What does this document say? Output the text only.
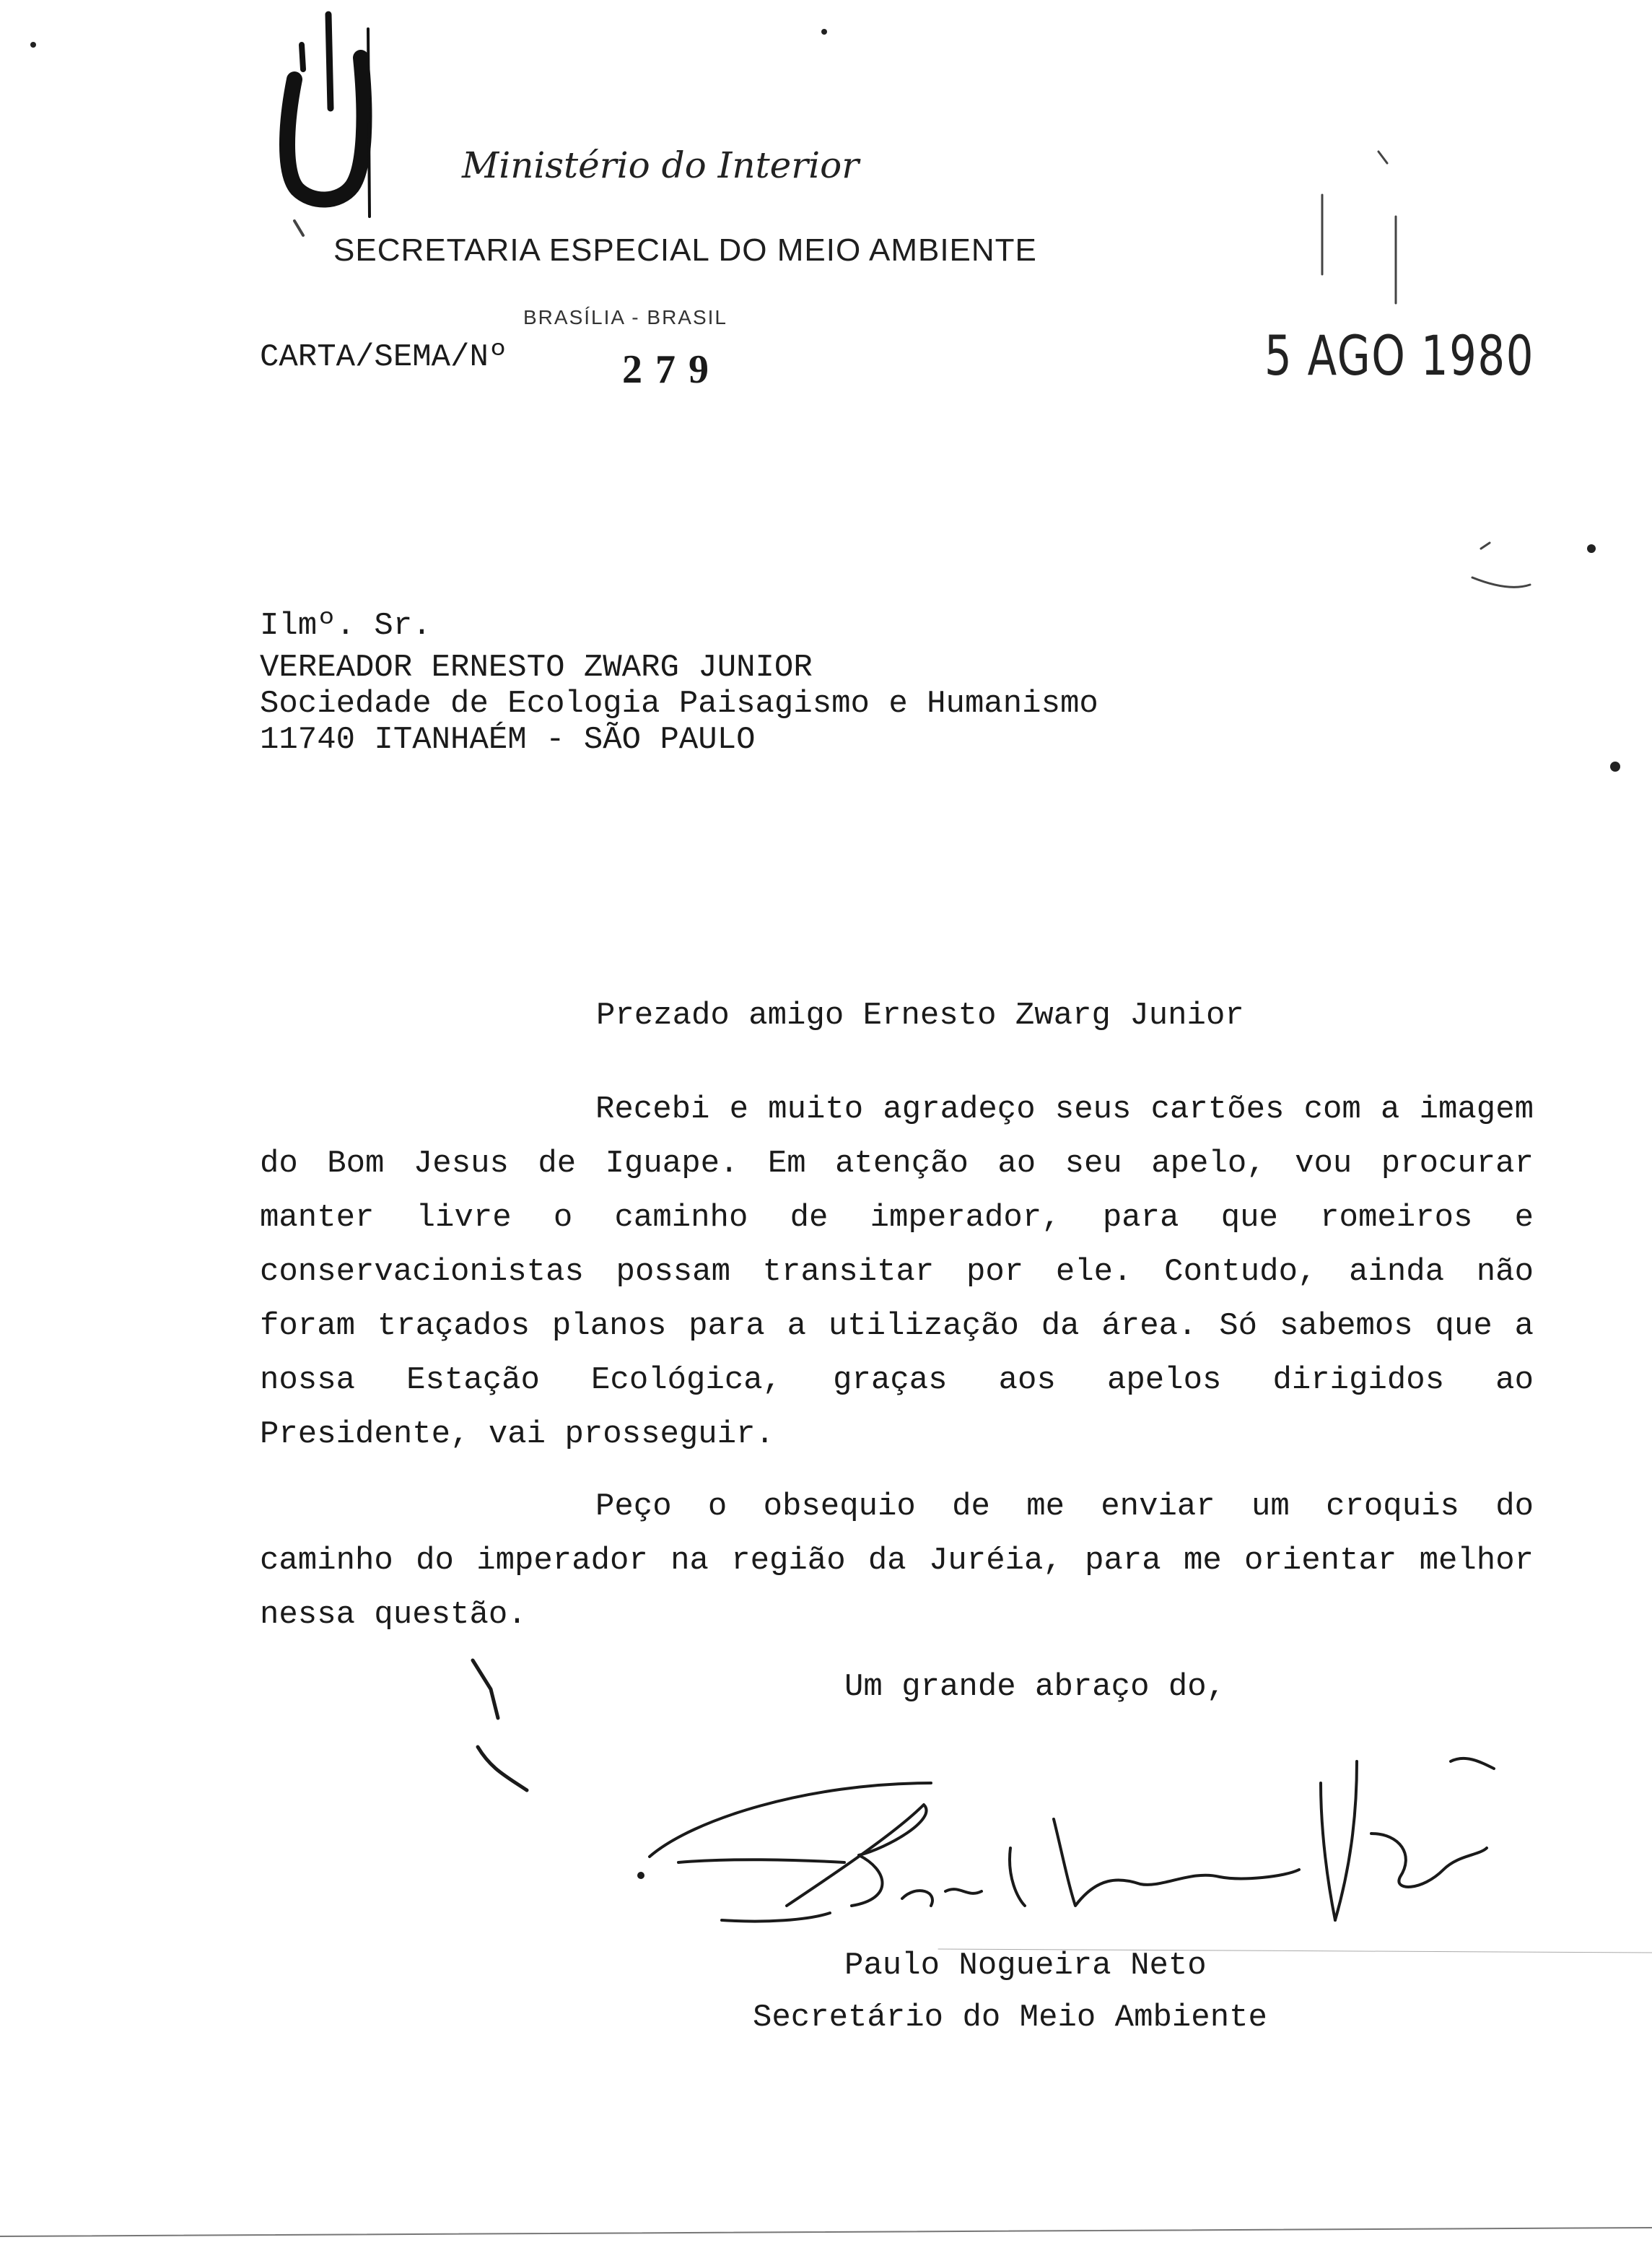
Ministério do Interior
SECRETARIA ESPECIAL DO MEIO AMBIENTE
BRASÍLIA - BRASIL
CARTA/SEMA/Nº	279	5 AGO 1980
Ilmº. Sr.
VEREADOR ERNESTO ZWARG JUNIOR
Sociedade de Ecologia Paisagismo e Humanismo
11740 ITANHAÉM - SÃO PAULO
Prezado amigo Ernesto Zwarg Junior
Recebi e muito agradeço seus cartões com a imagem do Bom Jesus de Iguape. Em atenção ao seu apelo, vou procurar manter livre o caminho de imperador, para que romeiros e conservacionistas possam transitar por ele. Contudo, ainda não foram traçados planos para a utilização da área. Só sabemos que a nossa Estação Ecológica, graças aos apelos dirigidos ao Presidente, vai prosseguir.
Peço o obsequio de me enviar um croquis do caminho do imperador na região da Juréia, para me orientar melhor nessa questão.
Um grande abraço do,
Paulo Nogueira Neto
Secretário do Meio Ambiente
